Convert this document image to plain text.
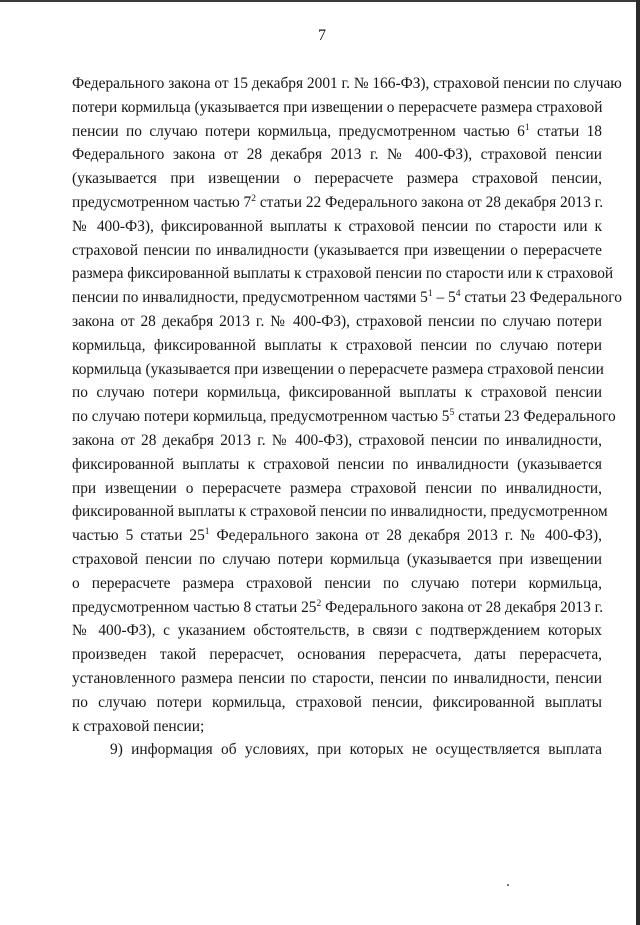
7
Федерального закона от 15 декабря 2001 г. № 166-ФЗ), страховой пенсии по случаю
потери кормильца (указывается при извещении о перерасчете размера страховой
пенсии по случаю потери кормильца, предусмотренном частью $6^1$ статьи 18
Федерального закона от 28 декабря 2013 г. № 400-ФЗ), страховой пенсии
(указывается при извещении о перерасчете размера страховой пенсии,
предусмотренном частью $7^2$ статьи 22 Федерального закона от 28 декабря 2013 г.
№ 400-ФЗ), фиксированной выплаты к страховой пенсии по старости или к
страховой пенсии по инвалидности (указывается при извещении о перерасчете
размера фиксированной выплаты к страховой пенсии по старости или к страховой
пенсии по инвалидности, предусмотренном частями $5^1 - 5^4$ статьи 23 Федерального
закона от 28 декабря 2013 г. № 400-ФЗ), страховой пенсии по случаю потери
кормильца, фиксированной выплаты к страховой пенсии по случаю потери
кормильца (указывается при извещении о перерасчете размера страховой пенсии
по случаю потери кормильца, фиксированной выплаты к страховой пенсии
по случаю потери кормильца, предусмотренном частью $5^5$ статьи 23 Федерального
закона от 28 декабря 2013 г. № 400-ФЗ), страховой пенсии по инвалидности,
фиксированной выплаты к страховой пенсии по инвалидности (указывается
при извещении о перерасчете размера страховой пенсии по инвалидности,
фиксированной выплаты к страховой пенсии по инвалидности, предусмотренном
частью 5 статьи $25^1$ Федерального закона от 28 декабря 2013 г. № 400-ФЗ),
страховой пенсии по случаю потери кормильца (указывается при извещении
о перерасчете размера страховой пенсии по случаю потери кормильца,
предусмотренном частью 8 статьи $25^2$ Федерального закона от 28 декабря 2013 г.
№ 400-ФЗ), с указанием обстоятельств, в связи с подтверждением которых
произведен такой перерасчет, основания перерасчета, даты перерасчета,
установленного размера пенсии по старости, пенсии по инвалидности, пенсии
по случаю потери кормильца, страховой пенсии, фиксированной выплаты
к страховой пенсии;
9) информация об условиях, при которых не осуществляется выплата
